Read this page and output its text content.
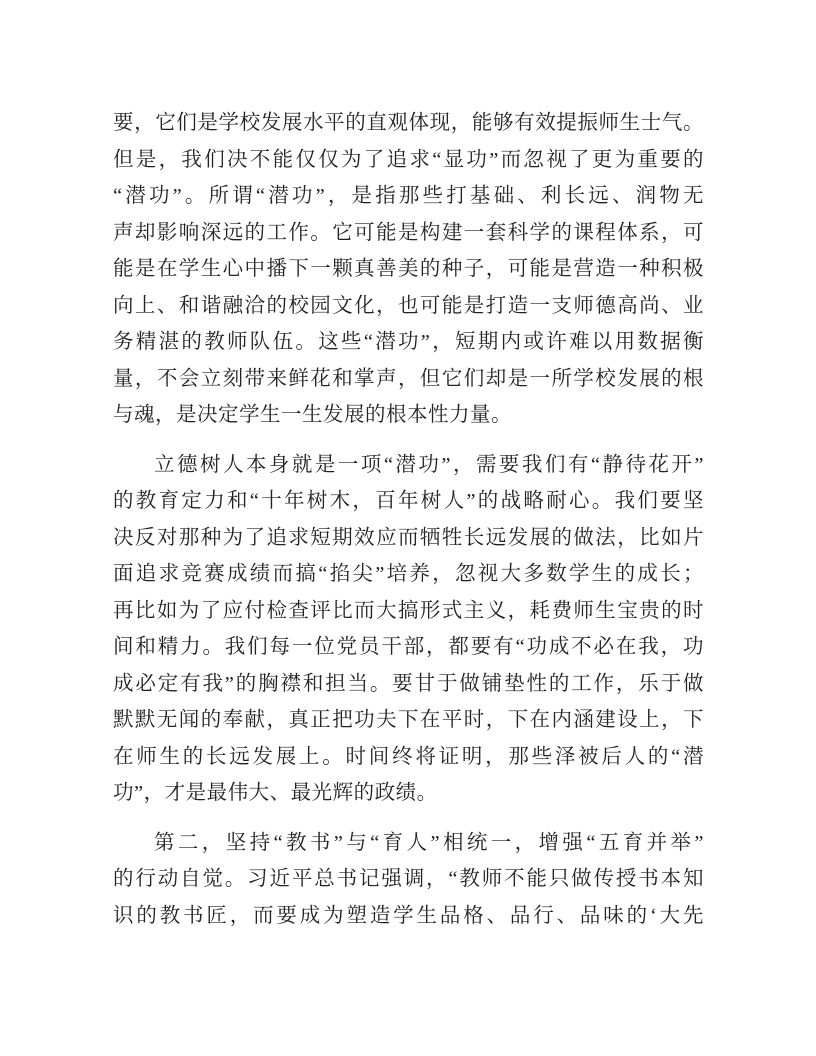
要，它们是学校发展水平的直观体现，能够有效提振师生士气。
但是，我们决不能仅仅为了追求“显功”而忽视了更为重要的
“潜功”。所谓“潜功”，是指那些打基础、利长远、润物无
声却影响深远的工作。它可能是构建一套科学的课程体系，可
能是在学生心中播下一颗真善美的种子，可能是营造一种积极
向上、和谐融洽的校园文化，也可能是打造一支师德高尚、业
务精湛的教师队伍。这些“潜功”，短期内或许难以用数据衡
量，不会立刻带来鲜花和掌声，但它们却是一所学校发展的根
与魂，是决定学生一生发展的根本性力量。

立德树人本身就是一项“潜功”，需要我们有“静待花开”
的教育定力和“十年树木，百年树人”的战略耐心。我们要坚
决反对那种为了追求短期效应而牺牲长远发展的做法，比如片
面追求竞赛成绩而搞“掐尖”培养，忽视大多数学生的成长；
再比如为了应付检查评比而大搞形式主义，耗费师生宝贵的时
间和精力。我们每一位党员干部，都要有“功成不必在我，功
成必定有我”的胸襟和担当。要甘于做铺垫性的工作，乐于做
默默无闻的奉献，真正把功夫下在平时，下在内涵建设上，下
在师生的长远发展上。时间终将证明，那些泽被后人的“潜
功”，才是最伟大、最光辉的政绩。

第二，坚持“教书”与“育人”相统一，增强“五育并举”
的行动自觉。习近平总书记强调，“教师不能只做传授书本知
识的教书匠，而要成为塑造学生品格、品行、品味的‘大先
